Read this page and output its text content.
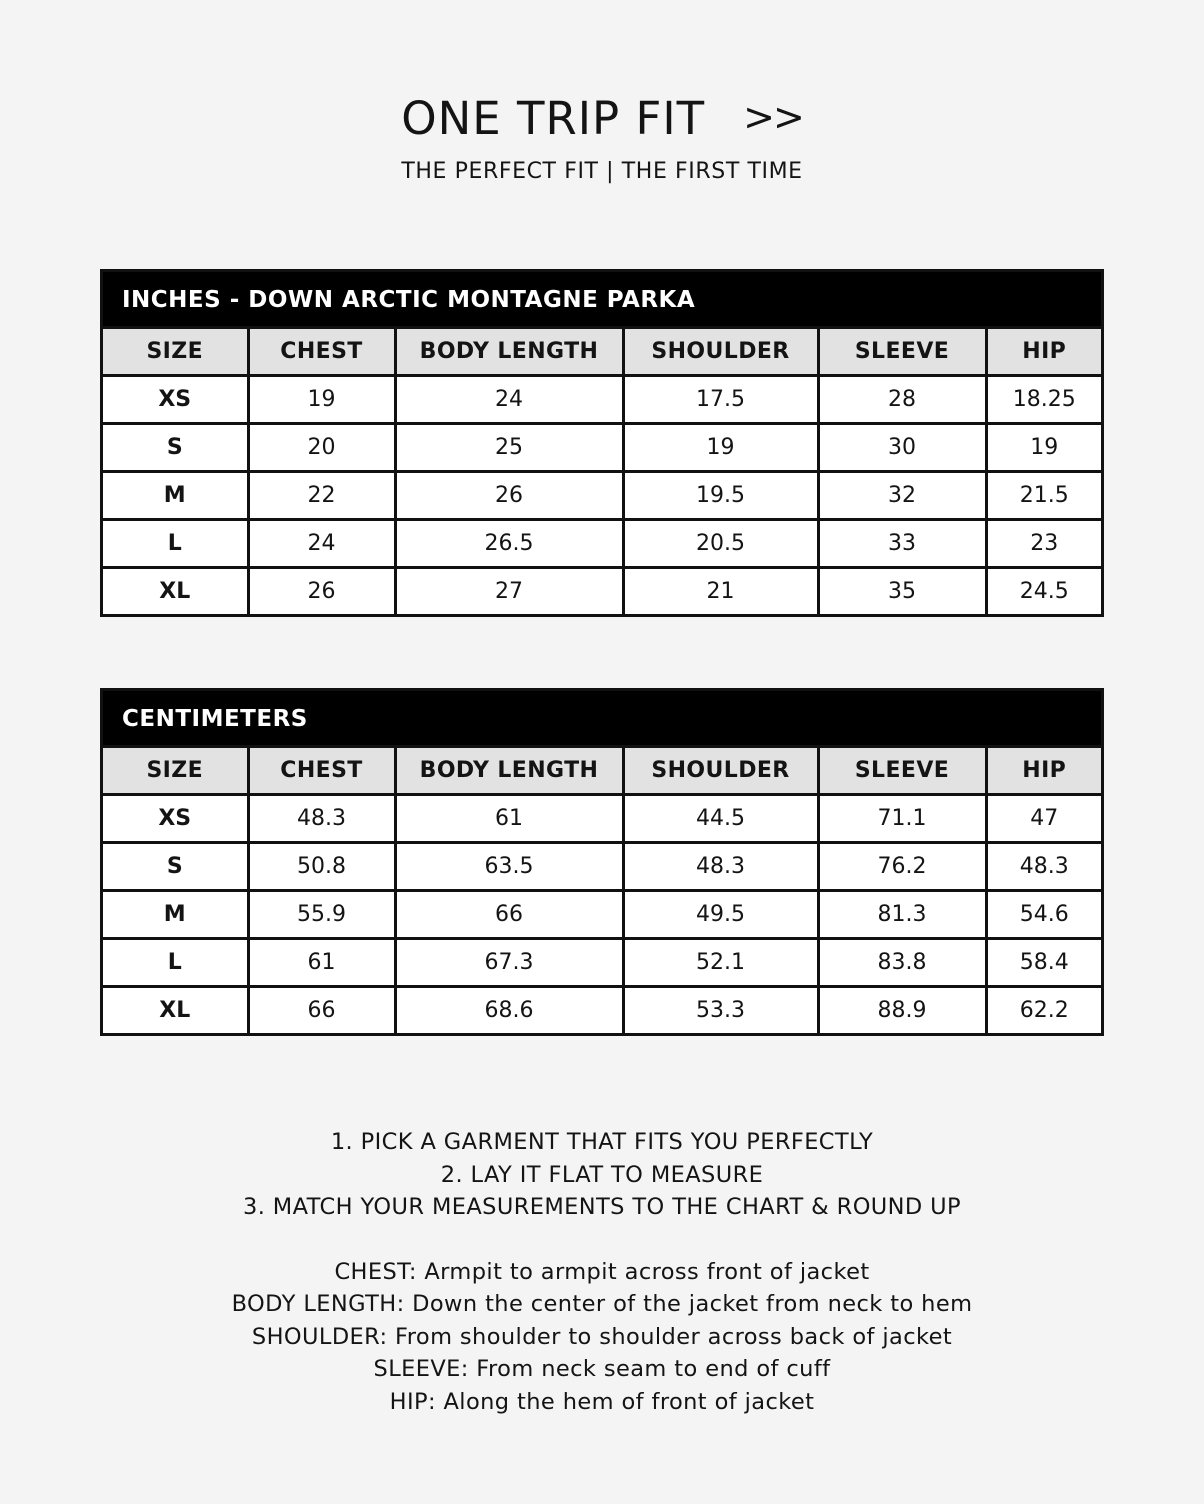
ONE TRIP FIT >>
THE PERFECT FIT | THE FIRST TIME
INCHES - DOWN ARCTIC MONTAGNE PARKA
SIZE	CHEST	BODY LENGTH	SHOULDER	SLEEVE	HIP
XS	19	24	17.5	28	18.25
S	20	25	19	30	19
M	22	26	19.5	32	21.5
L	24	26.5	20.5	33	23
XL	26	27	21	35	24.5
CENTIMETERS
SIZE	CHEST	BODY LENGTH	SHOULDER	SLEEVE	HIP
XS	48.3	61	44.5	71.1	47
S	50.8	63.5	48.3	76.2	48.3
M	55.9	66	49.5	81.3	54.6
L	61	67.3	52.1	83.8	58.4
XL	66	68.6	53.3	88.9	62.2

1. PICK A GARMENT THAT FITS YOU PERFECTLY

2. LAY IT FLAT TO MEASURE

3. MATCH YOUR MEASUREMENTS TO THE CHART & ROUND UP

CHEST: Armpit to armpit across front of jacket

BODY LENGTH: Down the center of the jacket from neck to hem

SHOULDER: From shoulder to shoulder across back of jacket

SLEEVE: From neck seam to end of cuff

HIP: Along the hem of front of jacket
